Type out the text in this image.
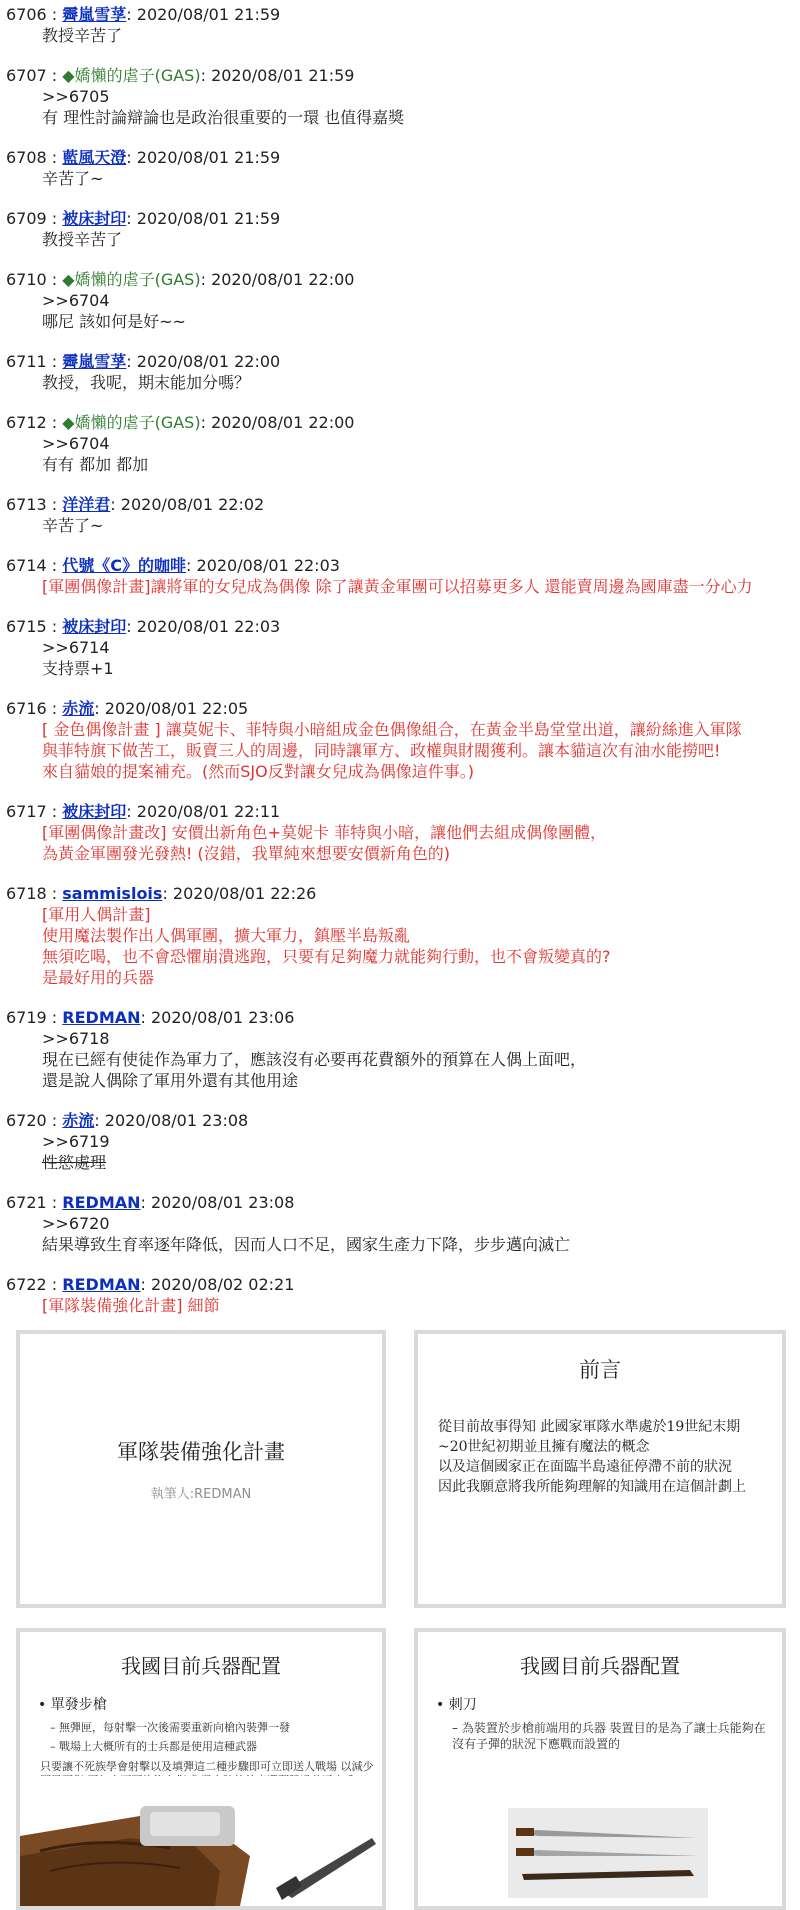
6706 : 霽嵐雪莩: 2020/08/01 21:59
教授辛苦了
6707 : ◆嬌懶的虐子(GAS): 2020/08/01 21:59
>>6705
有 理性討論辯論也是政治很重要的一環 也值得嘉獎
6708 : 藍風天澄: 2020/08/01 21:59
辛苦了~
6709 : 被床封印: 2020/08/01 21:59
教授辛苦了
6710 : ◆嬌懶的虐子(GAS): 2020/08/01 22:00
>>6704
哪尼 該如何是好~~
6711 : 霽嵐雪莩: 2020/08/01 22:00
教授，我呢，期末能加分嗎？
6712 : ◆嬌懶的虐子(GAS): 2020/08/01 22:00
>>6704
有有 都加 都加
6713 : 洋洋君: 2020/08/01 22:02
辛苦了~
6714 : 代號《C》的咖啡: 2020/08/01 22:03
[軍團偶像計畫]讓將軍的女兒成為偶像 除了讓黃金軍團可以招募更多人 還能賣周邊為國庫盡一分心力
6715 : 被床封印: 2020/08/01 22:03
>>6714
支持票+1
6716 : 赤流: 2020/08/01 22:05
[ 金色偶像計畫 ] 讓莫妮卡、菲特與小暗組成金色偶像組合，在黃金半島堂堂出道，讓紛絲進入軍隊
與菲特旗下做苦工，販賣三人的周邊，同時讓軍方、政權與財閥獲利。讓本貓這次有油水能撈吧!
來自貓娘的提案補充。(然而SJO反對讓女兒成為偶像這件事。)
6717 : 被床封印: 2020/08/01 22:11
[軍團偶像計畫改] 安價出新角色+莫妮卡 菲特與小暗，讓他們去組成偶像團體，
為黃金軍團發光發熱! (沒錯，我單純來想要安價新角色的)
6718 : sammislois: 2020/08/01 22:26
[軍用人偶計畫]
使用魔法製作出人偶軍團，擴大軍力，鎮壓半島叛亂
無須吃喝，也不會恐懼崩潰逃跑，只要有足夠魔力就能夠行動，也不會叛變真的?
是最好用的兵器
6719 : REDMAN: 2020/08/01 23:06
>>6718
現在已經有使徒作為軍力了，應該沒有必要再花費額外的預算在人偶上面吧，
還是說人偶除了軍用外還有其他用途
6720 : 赤流: 2020/08/01 23:08
>>6719
性慾處理
6721 : REDMAN: 2020/08/01 23:08
>>6720
結果導致生育率逐年降低，因而人口不足，國家生產力下降，步步邁向滅亡
6722 : REDMAN: 2020/08/02 02:21
[軍隊裝備強化計畫] 細節
軍隊裝備強化計畫
執筆人:REDMAN
前言
從目前故事得知 此國家軍隊水準處於19世紀末期~20世紀初期並且擁有魔法的概念
以及這個國家正在面臨半島遠征停滯不前的狀況
因此我願意將我所能夠理解的知識用在這個計劃上
我國目前兵器配置
• 單發步槍
– 無彈匣，每射擊一次後需要重新向槍內裝彈一發
– 戰場上大概所有的士兵都是使用這種武器
只要讓不死族學會射擊以及填彈這二種步驟即可立即送人戰場 以減少
我國目前兵器配置
• 刺刀
– 為裝置於步槍前端用的兵器 裝置目的是為了讓士兵能夠在沒有子彈的狀況下應戰而設置的
